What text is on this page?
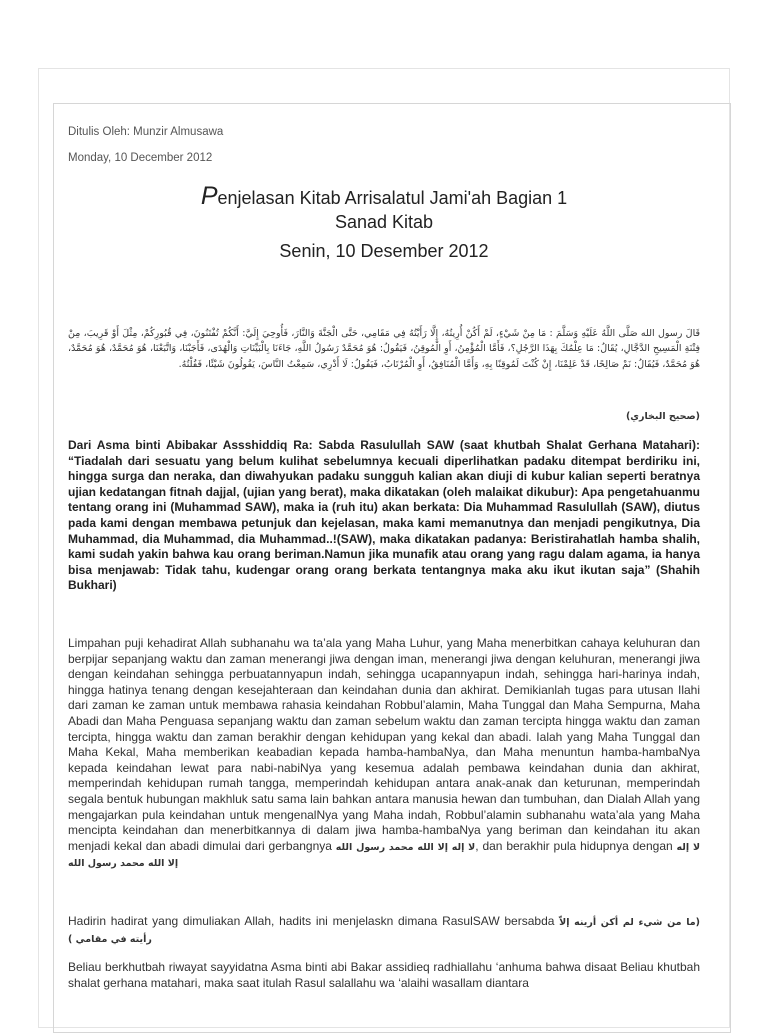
Ditulis Oleh: Munzir Almusawa

Monday, 10 December 2012

Penjelasan Kitab Arrisalatul Jami'ah Bagian 1
Sanad Kitab
Senin, 10 Desember 2012

قَالَ رسول الله صَلَّى اللَّهُ عَلَيْهِ وَسَلَّمَ : مَا مِنْ شَيْءٍ، لَمْ أَكُنْ أُرِيتُهُ، إِلَّا رَأَيْتُهُ فِي مَقَامِي، حَتَّى الْجَنَّةَ وَالنَّارَ، فَأُوحِيَ إِلَيَّ: أَنَّكُمْ تُفْتَنُونَ، فِي قُبُورِكُمْ، مِثْلَ أَوْ قَرِيبَ، مِنْ فِتْنَةِ الْمَسِيحِ الدَّجَّالِ، يُقَالُ: مَا عِلْمُكَ بِهَذَا الرَّجُلِ؟، فَأَمَّا الْمُؤْمِنُ، أَوِ الْمُوقِنُ، فَيَقُولُ: هُوَ مُحَمَّدٌ رَسُولُ اللَّهِ، جَاءَنَا بِالْبَيِّنَاتِ وَالْهُدَى، فَأَجَبْنَا، وَاتَّبَعْنَا، هُوَ مُحَمَّدٌ، هُوَ مُحَمَّدٌ، هُوَ مُحَمَّدٌ، فَيُقَالُ: نَمْ صَالِحًا، قَدْ عَلِمْنَا، إِنْ كُنْتَ لَمُوقِنًا بِهِ، وَأَمَّا الْمُنَافِقُ، أَوِ الْمُرْتَابُ، فَيَقُولُ: لَا أَدْرِي، سَمِعْتُ النَّاسَ، يَقُولُونَ شَيْئًا، فَقُلْتُهُ.

(صحيح البخاري)

Dari Asma binti Abibakar Assshiddiq Ra: Sabda Rasulullah SAW (saat khutbah Shalat Gerhana Matahari): “Tiadalah dari sesuatu yang belum kulihat sebelumnya kecuali diperlihatkan padaku ditempat berdiriku ini, hingga surga dan neraka, dan diwahyukan padaku sungguh kalian akan diuji di kubur kalian seperti beratnya ujian kedatangan fitnah dajjal, (ujian yang berat), maka dikatakan (oleh malaikat dikubur): Apa pengetahuanmu tentang orang ini (Muhammad SAW), maka ia (ruh itu) akan berkata: Dia Muhammad Rasulullah (SAW), diutus pada kami dengan membawa petunjuk dan kejelasan, maka kami memanutnya dan menjadi pengikutnya, Dia Muhammad, dia Muhammad, dia Muhammad..!(SAW), maka dikatakan padanya: Beristirahatlah hamba shalih, kami sudah yakin bahwa kau orang beriman.Namun jika munafik atau orang yang ragu dalam agama, ia hanya bisa menjawab: Tidak tahu, kudengar orang orang berkata tentangnya maka aku ikut ikutan saja” (Shahih Bukhari)

Limpahan puji kehadirat Allah subhanahu wa ta’ala yang Maha Luhur, yang Maha menerbitkan cahaya keluhuran dan berpijar sepanjang waktu dan zaman menerangi jiwa dengan iman, menerangi jiwa dengan keluhuran, menerangi jiwa dengan keindahan sehingga perbuatannyapun indah, sehingga ucapannyapun indah, sehingga hari-harinya indah, hingga hatinya tenang dengan kesejahteraan dan keindahan dunia dan akhirat. Demikianlah tugas para utusan Ilahi dari zaman ke zaman untuk membawa rahasia keindahan Robbul’alamin, Maha Tunggal dan Maha Sempurna, Maha Abadi dan Maha Penguasa sepanjang waktu dan zaman sebelum waktu dan zaman tercipta hingga waktu dan zaman tercipta, hingga waktu dan zaman berakhir dengan kehidupan yang kekal dan abadi. Ialah yang Maha Tunggal dan Maha Kekal, Maha memberikan keabadian kepada hamba-hambaNya, dan Maha menuntun hamba-hambaNya kepada keindahan lewat para nabi-nabiNya yang kesemua adalah pembawa keindahan dunia dan akhirat, memperindah kehidupan rumah tangga, memperindah kehidupan antara anak-anak dan keturunan, memperindah segala bentuk hubungan makhluk satu sama lain bahkan antara manusia hewan dan tumbuhan, dan Dialah Allah yang mengajarkan pula keindahan untuk mengenalNya yang Maha indah, Robbul’alamin subhanahu wata’ala yang Maha mencipta keindahan dan menerbitkannya di dalam jiwa hamba-hambaNya yang beriman dan keindahan itu akan menjadi kekal dan abadi dimulai dari gerbangnya لا إله إلا الله محمد رسول الله, dan berakhir pula hidupnya dengan لا إله إلا الله محمد رسول الله

Hadirin hadirat yang dimuliakan Allah, hadits ini menjelaskn dimana RasulSAW bersabda (ما من شيء لم أكن أرينه إلاّ رأيته في مقامي )

Beliau berkhutbah riwayat sayyidatna Asma binti abi Bakar assidieq radhiallahu ‘anhuma bahwa disaat Beliau khutbah shalat gerhana matahari, maka saat itulah Rasul salallahu wa ‘alaihi wasallam diantara
